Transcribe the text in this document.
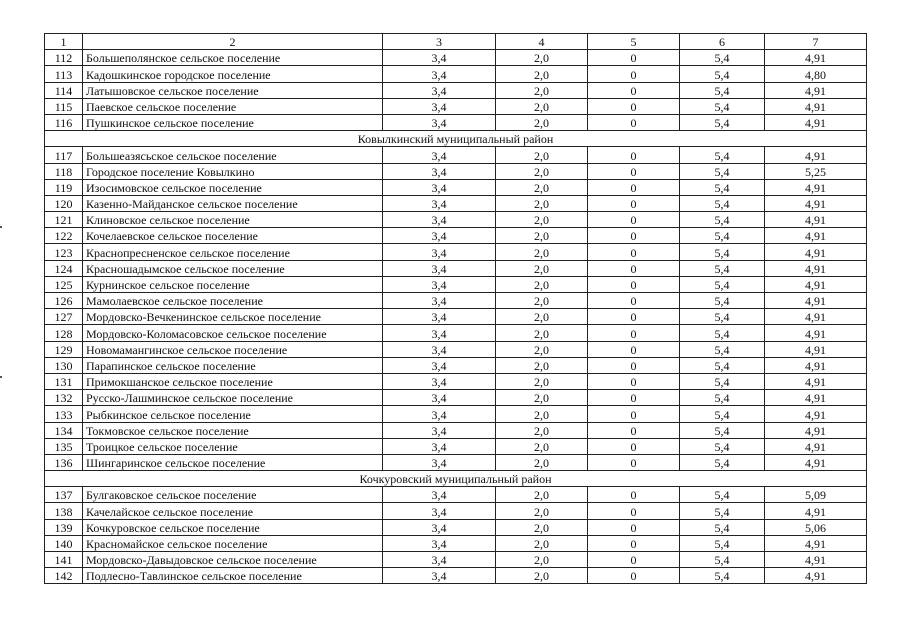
1	2	3	4	5	6	7
112	Большеполянское сельское поселение	3,4	2,0	0	5,4	4,91
113	Кадошкинское городское поселение	3,4	2,0	0	5,4	4,80
114	Латышовское сельское поселение	3,4	2,0	0	5,4	4,91
115	Паевское сельское поселение	3,4	2,0	0	5,4	4,91
116	Пушкинское сельское поселение	3,4	2,0	0	5,4	4,91
Ковылкинский муниципальный район						
117	Большеазясьское сельское поселение	3,4	2,0	0	5,4	4,91
118	Городское поселение Ковылкино	3,4	2,0	0	5,4	5,25
119	Изосимовское сельское поселение	3,4	2,0	0	5,4	4,91
120	Казенно-Майданское сельское поселение	3,4	2,0	0	5,4	4,91
121	Клиновское сельское поселение	3,4	2,0	0	5,4	4,91
122	Кочелаевское сельское поселение	3,4	2,0	0	5,4	4,91
123	Краснопресненское сельское поселение	3,4	2,0	0	5,4	4,91
124	Красношадымское сельское поселение	3,4	2,0	0	5,4	4,91
125	Курнинское сельское поселение	3,4	2,0	0	5,4	4,91
126	Мамолаевское сельское поселение	3,4	2,0	0	5,4	4,91
127	Мордовско-Вечкенинское сельское поселение	3,4	2,0	0	5,4	4,91
128	Мордовско-Коломасовское сельское поселение	3,4	2,0	0	5,4	4,91
129	Новомамангинское сельское поселение	3,4	2,0	0	5,4	4,91
130	Парапинское сельское поселение	3,4	2,0	0	5,4	4,91
131	Примокшанское сельское поселение	3,4	2,0	0	5,4	4,91
132	Русско-Лашминское сельское поселение	3,4	2,0	0	5,4	4,91
133	Рыбкинское сельское поселение	3,4	2,0	0	5,4	4,91
134	Токмовское сельское поселение	3,4	2,0	0	5,4	4,91
135	Троицкое сельское поселение	3,4	2,0	0	5,4	4,91
136	Шингаринское сельское поселение	3,4	2,0	0	5,4	4,91
Кочкуровский муниципальный район						
137	Булгаковское сельское поселение	3,4	2,0	0	5,4	5,09
138	Качелайское сельское поселение	3,4	2,0	0	5,4	4,91
139	Кочкуровское сельское поселение	3,4	2,0	0	5,4	5,06
140	Красномайское сельское поселение	3,4	2,0	0	5,4	4,91
141	Мордовско-Давыдовское сельское поселение	3,4	2,0	0	5,4	4,91
142	Подлесно-Тавлинское сельское поселение	3,4	2,0	0	5,4	4,91
